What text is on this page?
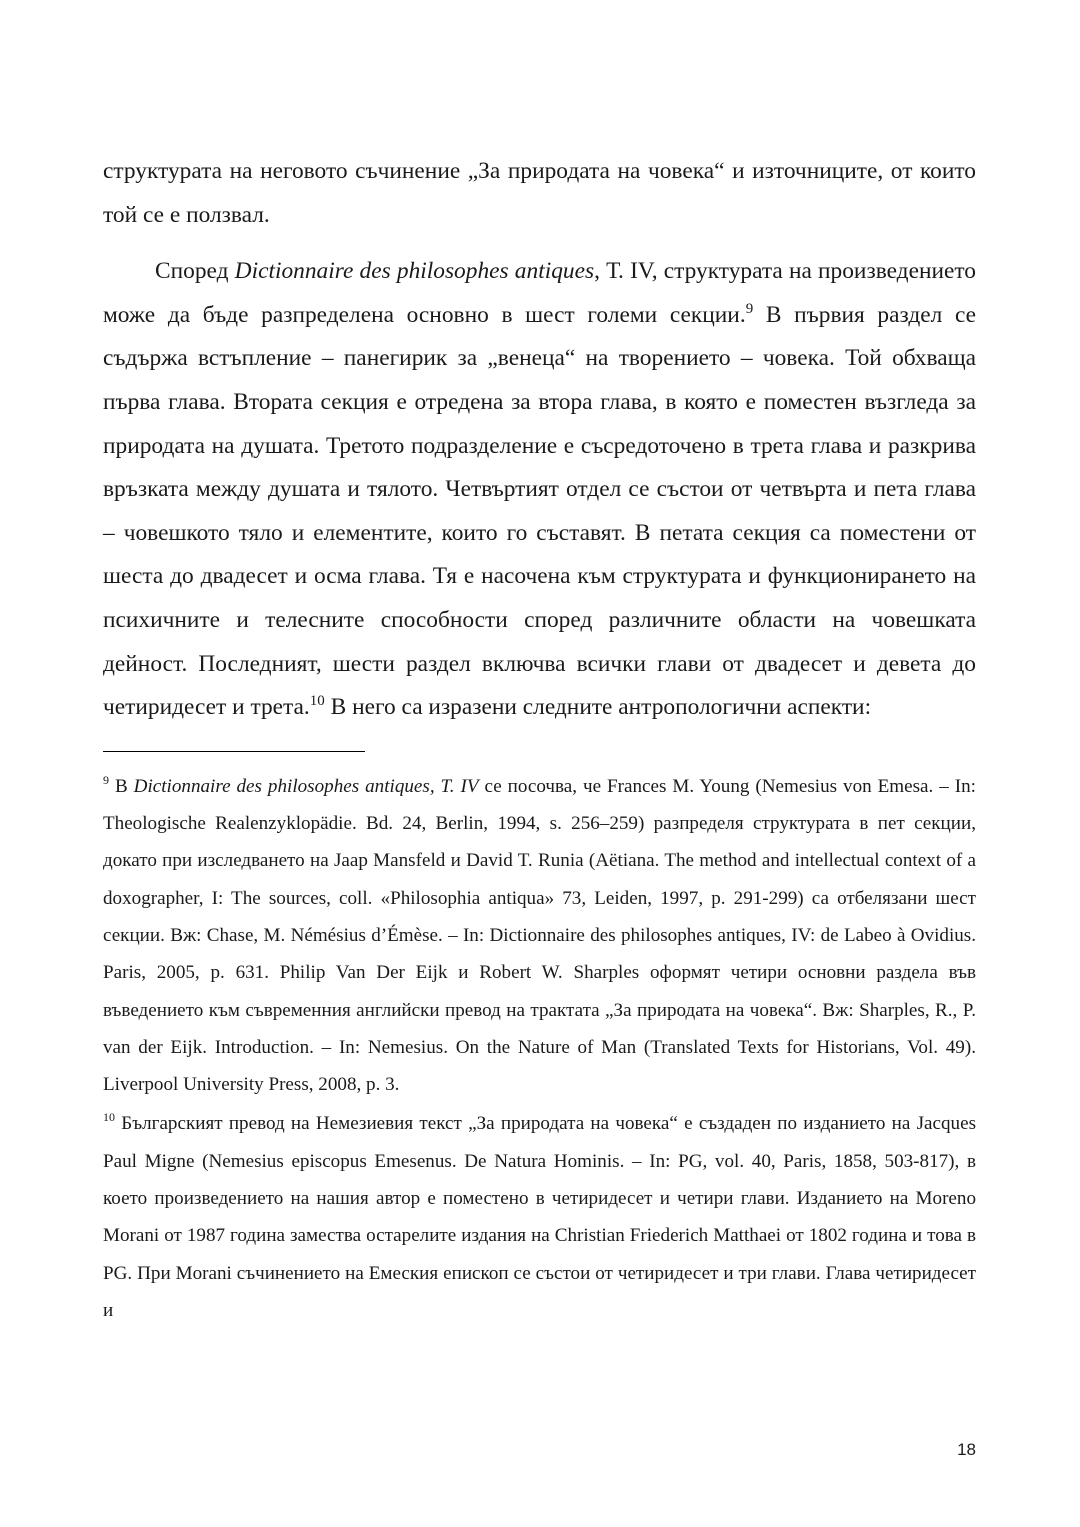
структурата на неговото съчинение „За природата на човека“ и източниците, от които той се е ползвал.

Според Dictionnaire des philosophes antiques, Т. IV, структурата на произведението може да бъде разпределена основно в шест големи секции.$^9$ В първия раздел се съдържа встъпление – панегирик за „венеца“ на творението – човека. Той обхваща първа глава. Втората секция е отредена за втора глава, в която е поместен възгледа за природата на душата. Третото подразделение е съсредоточено в трета глава и разкрива връзката между душата и тялото. Четвъртият отдел се състои от четвърта и пета глава – човешкото тяло и елементите, които го съставят. В петата секция са поместени от шеста до двадесет и осма глава. Тя е насочена към структурата и функционирането на психичните и телесните способности според различните области на човешката дейност. Последният, шести раздел включва всички глави от двадесет и девета до четиридесет и трета.$^{10}$ В него са изразени следните антропологични аспекти:

$^9$ В Dictionnaire des philosophes antiques, T. IV се посочва, че Frances M. Young (Nemesius von Emesa. – In: Theologische Realenzyklopädie. Bd. 24, Berlin, 1994, s. 256–259) разпределя структурата в пет секции, докато при изследването на Jaap Mansfeld и David T. Runia (Aëtiana. The method and intellectual context of a doxographer, I: The sources, coll. «Philosophia antiqua» 73, Leiden, 1997, p. 291-299) са отбелязани шест секции. Вж: Chase, M. Némésius d’Émèse. – In: Dictionnaire des philosophes antiques, IV: de Labeo à Ovidius. Paris, 2005, p. 631. Philip Van Der Eijk и Robert W. Sharples оформят четири основни раздела във въведението към съвременния английски превод на трактата „За природата на човека“. Вж: Sharples, R., P. van der Eijk. Introduction. – In: Nemesius. On the Nature of Man (Translated Texts for Historians, Vol. 49). Liverpool University Press, 2008, p. 3.

$^{10}$ Българският превод на Немезиевия текст „За природата на човека“ е създаден по изданието на Jacques Paul Migne (Nemesius episcopus Emesenus. De Natura Hominis. – In: PG, vol. 40, Paris, 1858, 503-817), в което произведението на нашия автор е поместено в четиридесет и четири глави. Изданието на Moreno Morani от 1987 година замества остарелите издания на Christian Friederich Matthaei от 1802 година и това в PG. При Morani съчинението на Емеския епископ се състои от четиридесет и три глави. Глава четиридесет и

18
